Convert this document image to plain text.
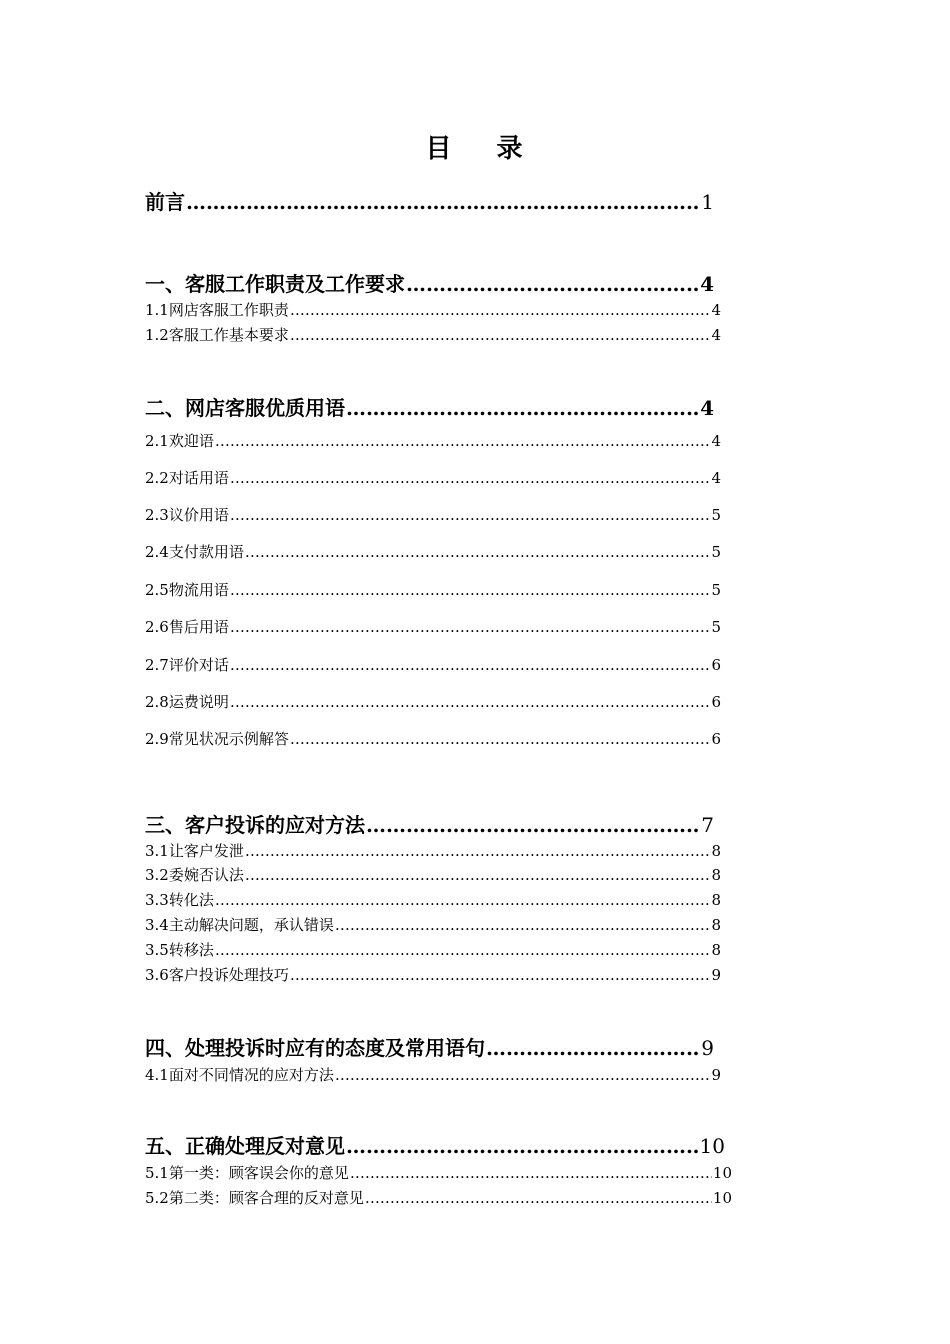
目 录
前言 ……………………………………………………………………………………………………………………………………………………………………………………………………………………	1
一、客服工作职责及工作要求 ……………………………………………………………………………………………………………………………………………………………………………………………………………………	4
1.1网店客服工作职责 ……………………………………………………………………………………………………………………………………………………………………………………………………………………	4
1.2客服工作基本要求 ……………………………………………………………………………………………………………………………………………………………………………………………………………………	4
二、网店客服优质用语 ……………………………………………………………………………………………………………………………………………………………………………………………………………………	4
2.1欢迎语 ……………………………………………………………………………………………………………………………………………………………………………………………………………………	4
2.2对话用语 ……………………………………………………………………………………………………………………………………………………………………………………………………………………	4
2.3议价用语 ……………………………………………………………………………………………………………………………………………………………………………………………………………………	5
2.4支付款用语 ……………………………………………………………………………………………………………………………………………………………………………………………………………………	5
2.5物流用语 ……………………………………………………………………………………………………………………………………………………………………………………………………………………	5
2.6售后用语 ……………………………………………………………………………………………………………………………………………………………………………………………………………………	5
2.7评价对话 ……………………………………………………………………………………………………………………………………………………………………………………………………………………	6
2.8运费说明 ……………………………………………………………………………………………………………………………………………………………………………………………………………………	6
2.9常见状况示例解答 ……………………………………………………………………………………………………………………………………………………………………………………………………………………	6
三、客户投诉的应对方法 ……………………………………………………………………………………………………………………………………………………………………………………………………………………	7
3.1让客户发泄 ……………………………………………………………………………………………………………………………………………………………………………………………………………………	8
3.2委婉否认法 ……………………………………………………………………………………………………………………………………………………………………………………………………………………	8
3.3转化法 ……………………………………………………………………………………………………………………………………………………………………………………………………………………	8
3.4主动解决问题，承认错误 ……………………………………………………………………………………………………………………………………………………………………………………………………………………	8
3.5转移法 ……………………………………………………………………………………………………………………………………………………………………………………………………………………	8
3.6客户投诉处理技巧 ……………………………………………………………………………………………………………………………………………………………………………………………………………………	9
四、处理投诉时应有的态度及常用语句 ……………………………………………………………………………………………………………………………………………………………………………………………………………………	9
4.1面对不同情况的应对方法 ……………………………………………………………………………………………………………………………………………………………………………………………………………………	9
五、正确处理反对意见 ……………………………………………………………………………………………………………………………………………………………………………………………………………………	10
5.1第一类：顾客误会你的意见 ……………………………………………………………………………………………………………………………………………………………………………………………………………………	10
5.2第二类：顾客合理的反对意见 ……………………………………………………………………………………………………………………………………………………………………………………………………………………	10
